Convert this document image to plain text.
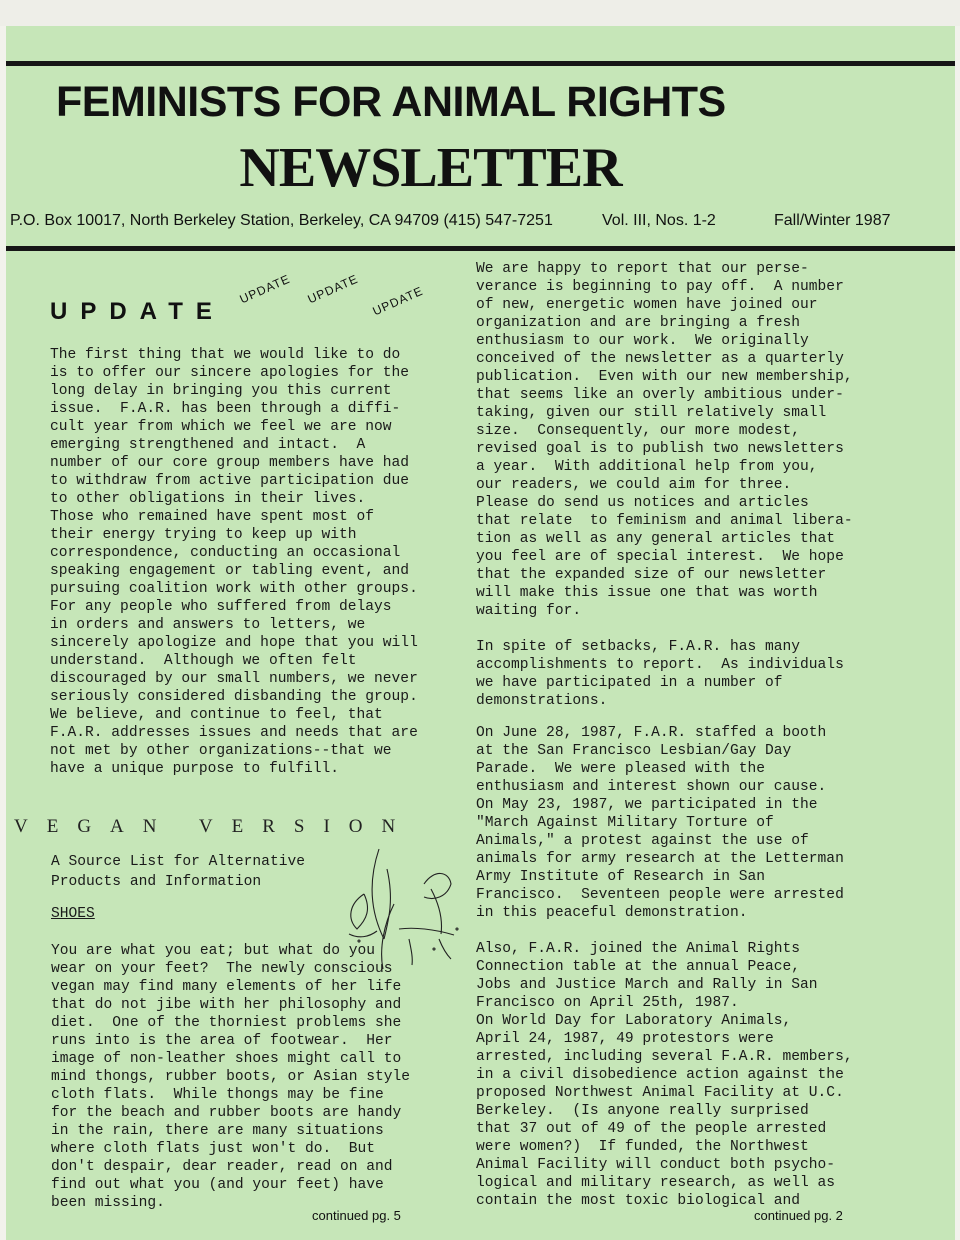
FEMINISTS FOR ANIMAL RIGHTS
NEWSLETTER
P.O. Box 10017, North Berkeley Station, Berkeley, CA 94709 (415) 547-7251	Vol. III, Nos. 1-2	Fall/Winter 1987
UPDATE
UPDATE UPDATE UPDATE
The first thing that we would like to do
is to offer our sincere apologies for the
long delay in bringing you this current
issue.  F.A.R. has been through a diffi-
cult year from which we feel we are now
emerging strengthened and intact.  A
number of our core group members have had
to withdraw from active participation due
to other obligations in their lives.
Those who remained have spent most of
their energy trying to keep up with
correspondence, conducting an occasional
speaking engagement or tabling event, and
pursuing coalition work with other groups.
For any people who suffered from delays
in orders and answers to letters, we
sincerely apologize and hope that you will
understand.  Although we often felt
discouraged by our small numbers, we never
seriously considered disbanding the group.
We believe, and continue to feel, that
F.A.R. addresses issues and needs that are
not met by other organizations--that we
have a unique purpose to fulfill.
VEGAN VERSION
A Source List for Alternative
Products and Information
SHOES
You are what you eat; but what do you
wear on your feet?  The newly conscious
vegan may find many elements of her life
that do not jibe with her philosophy and
diet.  One of the thorniest problems she
runs into is the area of footwear.  Her
image of non-leather shoes might call to
mind thongs, rubber boots, or Asian style
cloth flats.  While thongs may be fine
for the beach and rubber boots are handy
in the rain, there are many situations
where cloth flats just won't do.  But
don't despair, dear reader, read on and
find out what you (and your feet) have
been missing.
continued pg. 5
We are happy to report that our perse-
verance is beginning to pay off.  A number
of new, energetic women have joined our
organization and are bringing a fresh
enthusiasm to our work.  We originally
conceived of the newsletter as a quarterly
publication.  Even with our new membership,
that seems like an overly ambitious under-
taking, given our still relatively small
size.  Consequently, our more modest,
revised goal is to publish two newsletters
a year.  With additional help from you,
our readers, we could aim for three.
Please do send us notices and articles
that relate  to feminism and animal libera-
tion as well as any general articles that
you feel are of special interest.  We hope
that the expanded size of our newsletter
will make this issue one that was worth
waiting for.
In spite of setbacks, F.A.R. has many
accomplishments to report.  As individuals
we have participated in a number of
demonstrations.
On June 28, 1987, F.A.R. staffed a booth
at the San Francisco Lesbian/Gay Day
Parade.  We were pleased with the
enthusiasm and interest shown our cause.
On May 23, 1987, we participated in the
"March Against Military Torture of
Animals," a protest against the use of
animals for army research at the Letterman
Army Institute of Research in San
Francisco.  Seventeen people were arrested
in this peaceful demonstration.
Also, F.A.R. joined the Animal Rights
Connection table at the annual Peace,
Jobs and Justice March and Rally in San
Francisco on April 25th, 1987.
On World Day for Laboratory Animals,
April 24, 1987, 49 protestors were
arrested, including several F.A.R. members,
in a civil disobedience action against the
proposed Northwest Animal Facility at U.C.
Berkeley.  (Is anyone really surprised
that 37 out of 49 of the people arrested
were women?)  If funded, the Northwest
Animal Facility will conduct both psycho-
logical and military research, as well as
contain the most toxic biological and
continued pg. 2
